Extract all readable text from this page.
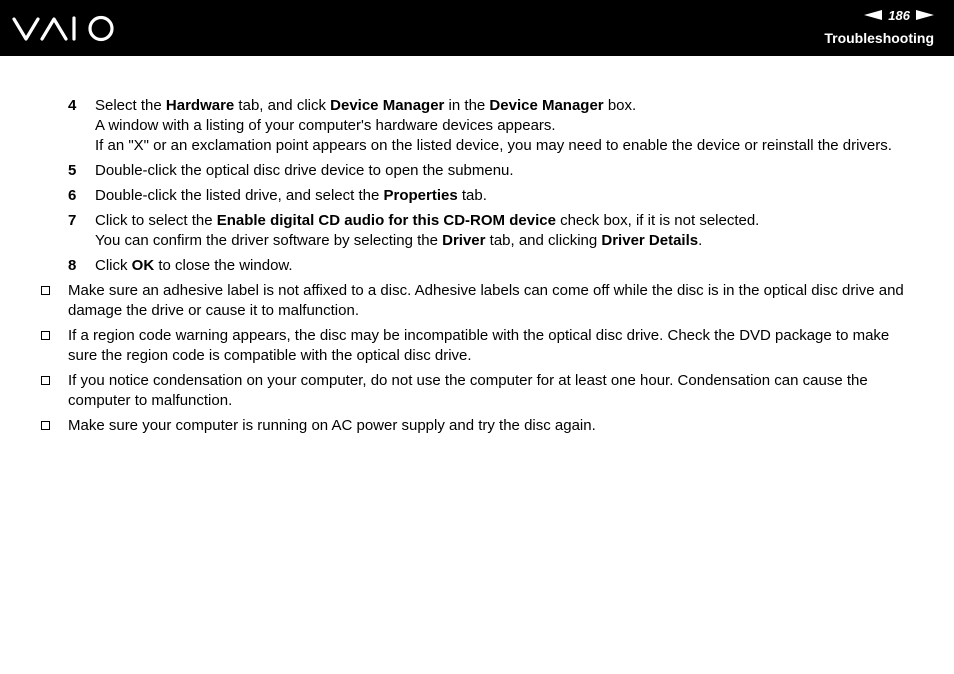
186
Troubleshooting
4 Select the Hardware tab, and click Device Manager in the Device Manager box.

A window with a listing of your computer's hardware devices appears.

If an "X" or an exclamation point appears on the listed device, you may need to enable the device or reinstall the drivers.

5 Double-click the optical disc drive device to open the submenu.

6 Double-click the listed drive, and select the Properties tab.

7 Click to select the Enable digital CD audio for this CD-ROM device check box, if it is not selected.

You can confirm the driver software by selecting the Driver tab, and clicking Driver Details.

8 Click OK to close the window.

Make sure an adhesive label is not affixed to a disc. Adhesive labels can come off while the disc is in the optical disc drive and damage the drive or cause it to malfunction.

If a region code warning appears, the disc may be incompatible with the optical disc drive. Check the DVD package to make sure the region code is compatible with the optical disc drive.

If you notice condensation on your computer, do not use the computer for at least one hour. Condensation can cause the computer to malfunction.

Make sure your computer is running on AC power supply and try the disc again.
